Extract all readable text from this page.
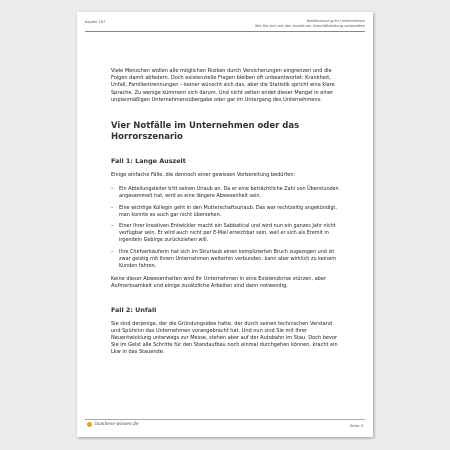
Kapitel 187	Notfallplanung für Unternehmen
Wie Sie sich auf den Ausfall der Geschäftsleitung vorbereiten

Viele Menschen wollen alle möglichen Risiken durch Versicherungen eingrenzen und die Folgen damit abfedern. Doch existenzielle Fragen bleiben oft unbeantwortet: Krankheit, Unfall, Familientrennungen – keiner wünscht sich das, aber die Statistik spricht eine klare Sprache. Zu wenige kümmern sich darum. Und nicht selten endet dieser Mangel in einer unplanmäßigen Unternehmensübergabe oder gar im Untergang des Unternehmens.

Vier Notfälle im Unternehmen oder das Horrorszenario
Fall 1: Lange Auszeit

Einige einfache Fälle, die dennoch einer gewissen Vorbereitung bedürfen:

– Ein Abteilungsleiter tritt seinen Urlaub an. Da er eine beträchtliche Zahl von Überstunden angesammelt hat, wird es eine längere Abwesenheit sein.
– Eine wichtige Kollegin geht in den Mutterschaftsurlaub. Das war rechtzeitig angekündigt, man konnte es auch gar nicht übersehen.
– Einer Ihrer kreativen Entwickler macht ein Sabbatical und wird nun ein ganzes Jahr nicht verfügbar sein. Er wird auch nicht per E-Mail erreichbar sein, weil er sich als Eremit in irgendein Gebirge zurückziehen will.
– Ihre Chefverkäuferin hat sich im Skiurlaub einen komplizierten Bruch zugezogen und ist zwar geistig mit Ihrem Unternehmen weiterhin verbunden, kann aber wirklich zu keinem Kunden fahren.

Keine dieser Abwesenheiten wird Ihr Unternehmen in eine Existenzkrise stürzen, aber Aufmerksamkeit und einige zusätzliche Arbeiten sind dann notwendig.

Fall 2: Unfall

Sie sind derjenige, der die Gründungsidee hatte, der durch seinen technischen Verstand und Spürsinn das Unternehmen vorangebracht hat. Und nun sind Sie mit Ihrer Neuentwicklung unterwegs zur Messe, stehen aber auf der Autobahn im Stau. Doch bevor Sie im Geist alle Schritte für den Standaufbau noch einmal durchgehen können, kracht ein Lkw in das Stauende.

business-wissen.de	Seite 3
